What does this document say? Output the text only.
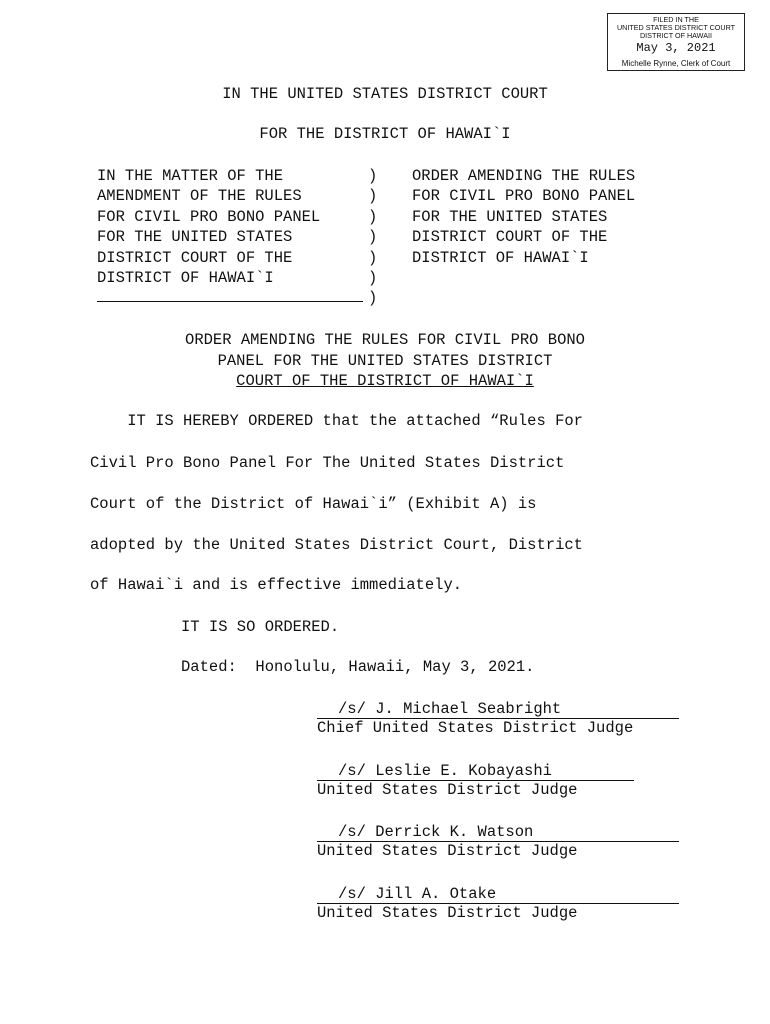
FILED IN THE
UNITED STATES DISTRICT COURT
DISTRICT OF HAWAII
May 3, 2021
Michelle Rynne, Clerk of Court
IN THE UNITED STATES DISTRICT COURT
FOR THE DISTRICT OF HAWAI`I
IN THE MATTER OF THE
AMENDMENT OF THE RULES
FOR CIVIL PRO BONO PANEL
FOR THE UNITED STATES
DISTRICT COURT OF THE
DISTRICT OF HAWAI`I
)
)
)
)
)
)
)
ORDER AMENDING THE RULES
FOR CIVIL PRO BONO PANEL
FOR THE UNITED STATES
DISTRICT COURT OF THE
DISTRICT OF HAWAI`I
ORDER AMENDING THE RULES FOR CIVIL PRO BONO
PANEL FOR THE UNITED STATES DISTRICT
COURT OF THE DISTRICT OF HAWAI`I
IT IS HEREBY ORDERED that the attached “Rules For
Civil Pro Bono Panel For The United States District
Court of the District of Hawai`i” (Exhibit A) is
adopted by the United States District Court, District
of Hawai`i and is effective immediately.
IT IS SO ORDERED.
Dated:  Honolulu, Hawaii, May 3, 2021.
/s/ J. Michael Seabright
Chief United States District Judge
/s/ Leslie E. Kobayashi
United States District Judge
/s/ Derrick K. Watson
United States District Judge
/s/ Jill A. Otake
United States District Judge
